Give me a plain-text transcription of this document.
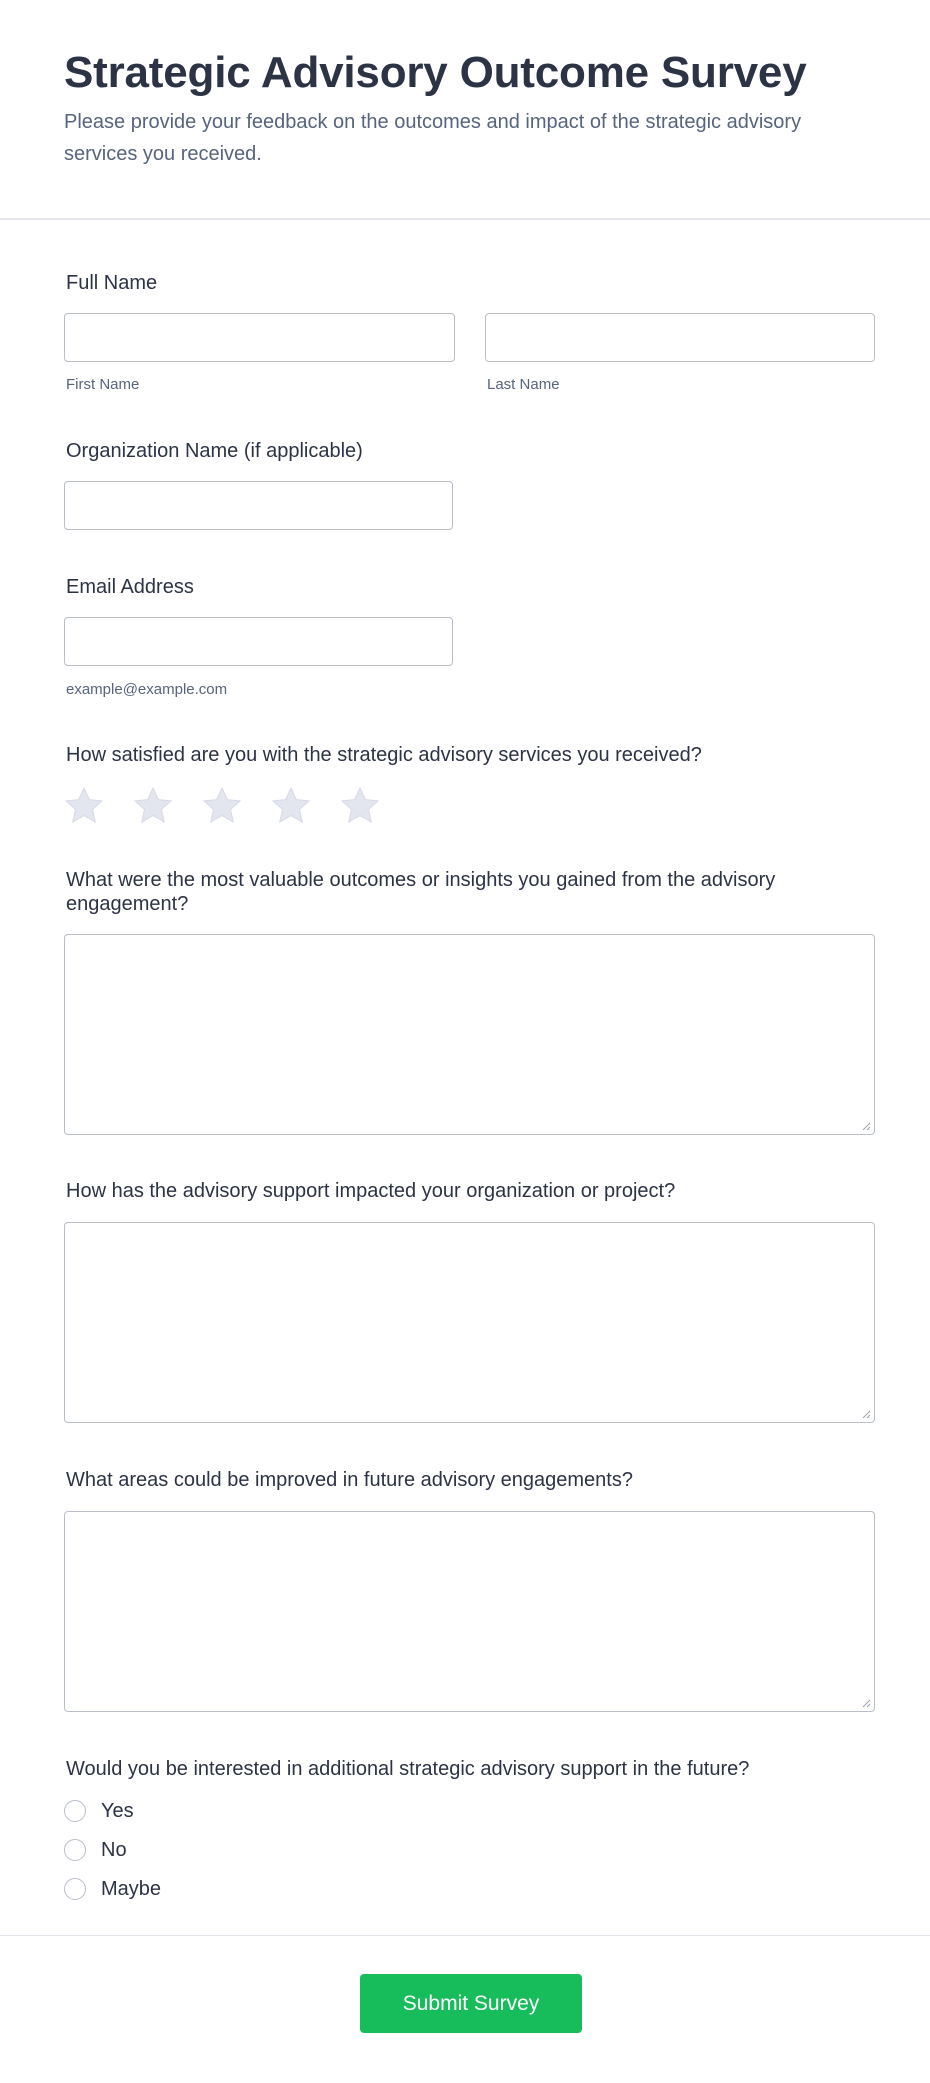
Strategic Advisory Outcome Survey
Please provide your feedback on the outcomes and impact of the strategic advisory services you received.
Full Name
First Name	Last Name
Organization Name (if applicable)
Email Address
example@example.com
How satisfied are you with the strategic advisory services you received?
What were the most valuable outcomes or insights you gained from the advisory engagement?
How has the advisory support impacted your organization or project?
What areas could be improved in future advisory engagements?
Would you be interested in additional strategic advisory support in the future?
Yes
No
Maybe
Submit Survey
